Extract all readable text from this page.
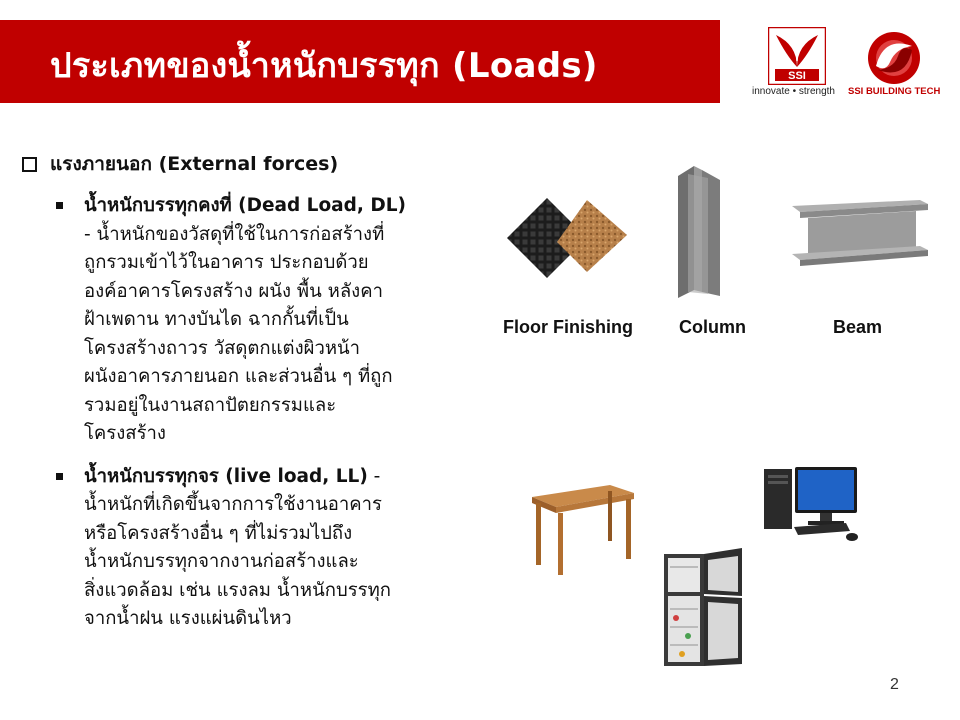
ประเภทของน้ำหนักบรรทุก (Loads)	SSI
innovate • strength SSI BUILDING TECH
แรงภายนอก (External forces)
น้ำหนักบรรทุกคงที่ (Dead Load, DL)
- น้ำหนักของวัสดุที่ใช้ในการก่อสร้างที่
ถูกรวมเข้าไว้ในอาคาร ประกอบด้วย
องค์อาคารโครงสร้าง ผนัง พื้น หลังคา
ฝ้าเพดาน ทางบันได ฉากกั้นที่เป็น
โครงสร้างถาวร วัสดุตกแต่งผิวหน้า
ผนังอาคารภายนอก และส่วนอื่น ๆ ที่ถูก
รวมอยู่ในงานสถาปัตยกรรมและ
โครงสร้าง
น้ำหนักบรรทุกจร (live load, LL) -
น้ำหนักที่เกิดขึ้นจากการใช้งานอาคาร
หรือโครงสร้างอื่น ๆ ที่ไม่รวมไปถึง
น้ำหนักบรรทุกจากงานก่อสร้างและ
สิ่งแวดล้อม เช่น แรงลม น้ำหนักบรรทุก
จากน้ำฝน แรงแผ่นดินไหว
Floor Finishing	Column	Beam
2
